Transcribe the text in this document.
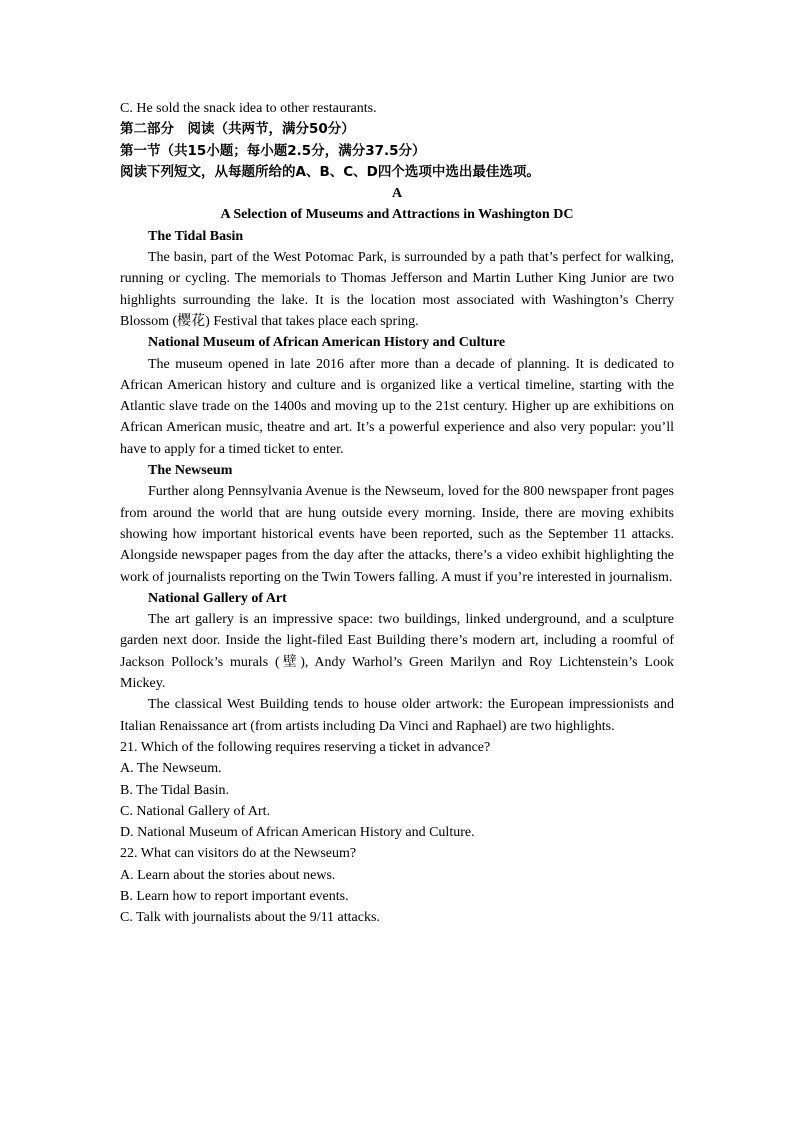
C. He sold the snack idea to other restaurants.
第二部分　阅读（共两节，满分50分）
第一节（共15小题；每小题2.5分，满分37.5分）
阅读下列短文，从每题所给的A、B、C、D四个选项中选出最佳选项。
A
A Selection of Museums and Attractions in Washington DC
The Tidal Basin
The basin, part of the West Potomac Park, is surrounded by a path that’s perfect for walking, running or cycling. The memorials to Thomas Jefferson and Martin Luther King Junior are two highlights surrounding the lake. It is the location most associated with Washington’s Cherry Blossom (樱花) Festival that takes place each spring.
National Museum of African American History and Culture
The museum opened in late 2016 after more than a decade of planning. It is dedicated to African American history and culture and is organized like a vertical timeline, starting with the Atlantic slave trade on the 1400s and moving up to the 21st century. Higher up are exhibitions on African American music, theatre and art. It’s a powerful experience and also very popular: you’ll have to apply for a timed ticket to enter.
The Newseum
Further along Pennsylvania Avenue is the Newseum, loved for the 800 newspaper front pages from around the world that are hung outside every morning. Inside, there are moving exhibits showing how important historical events have been reported, such as the September 11 attacks. Alongside newspaper pages from the day after the attacks, there’s a video exhibit highlighting the work of journalists reporting on the Twin Towers falling. A must if you’re interested in journalism.
National Gallery of Art
The art gallery is an impressive space: two buildings, linked underground, and a sculpture garden next door. Inside the light-filed East Building there’s modern art, including a roomful of Jackson Pollock’s murals (壁), Andy Warhol’s Green Marilyn and Roy Lichtenstein’s Look Mickey.
The classical West Building tends to house older artwork: the European impressionists and Italian Renaissance art (from artists including Da Vinci and Raphael) are two highlights.
21. Which of the following requires reserving a ticket in advance?
A. The Newseum.
B. The Tidal Basin.
C. National Gallery of Art.
D. National Museum of African American History and Culture.
22. What can visitors do at the Newseum?
A. Learn about the stories about news.
B. Learn how to report important events.
C. Talk with journalists about the 9/11 attacks.
